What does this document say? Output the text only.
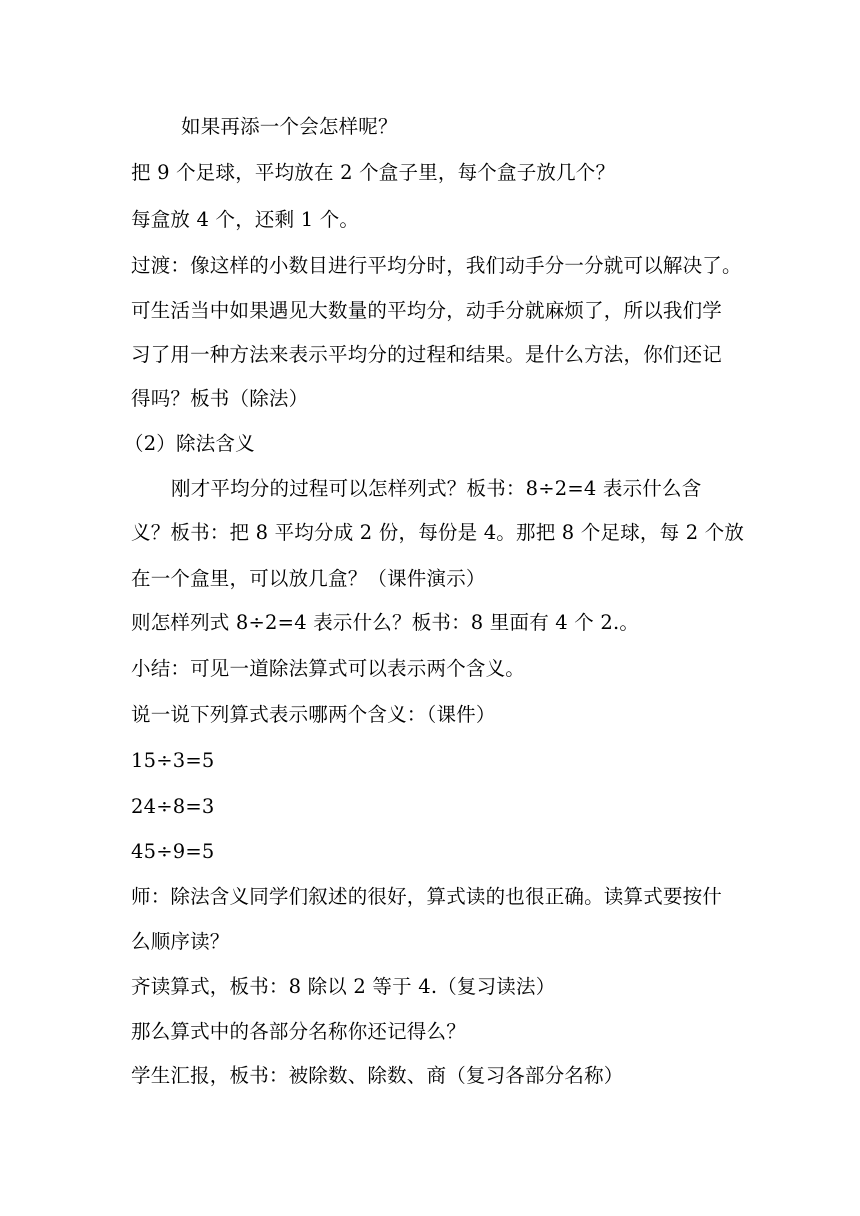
如果再添一个会怎样呢？
把 9 个足球，平均放在 2 个盒子里，每个盒子放几个？
每盒放 4 个，还剩 1 个。
过渡：像这样的小数目进行平均分时，我们动手分一分就可以解决了。
可生活当中如果遇见大数量的平均分，动手分就麻烦了，所以我们学
习了用一种方法来表示平均分的过程和结果。是什么方法，你们还记
得吗？板书（除法）
（2）除法含义
刚才平均分的过程可以怎样列式？板书：8÷2=4 表示什么含
义？板书：把 8 平均分成 2 份，每份是 4。那把 8 个足球，每 2 个放
在一个盒里，可以放几盒？（课件演示）
则怎样列式 8÷2=4 表示什么？板书：8 里面有 4 个 2.。
小结：可见一道除法算式可以表示两个含义。
说一说下列算式表示哪两个含义：（课件）
15÷3=5
24÷8=3
45÷9=5
师：除法含义同学们叙述的很好，算式读的也很正确。读算式要按什
么顺序读？
齐读算式，板书：8 除以 2 等于 4.（复习读法）
那么算式中的各部分名称你还记得么？
学生汇报，板书：被除数、除数、商（复习各部分名称）
